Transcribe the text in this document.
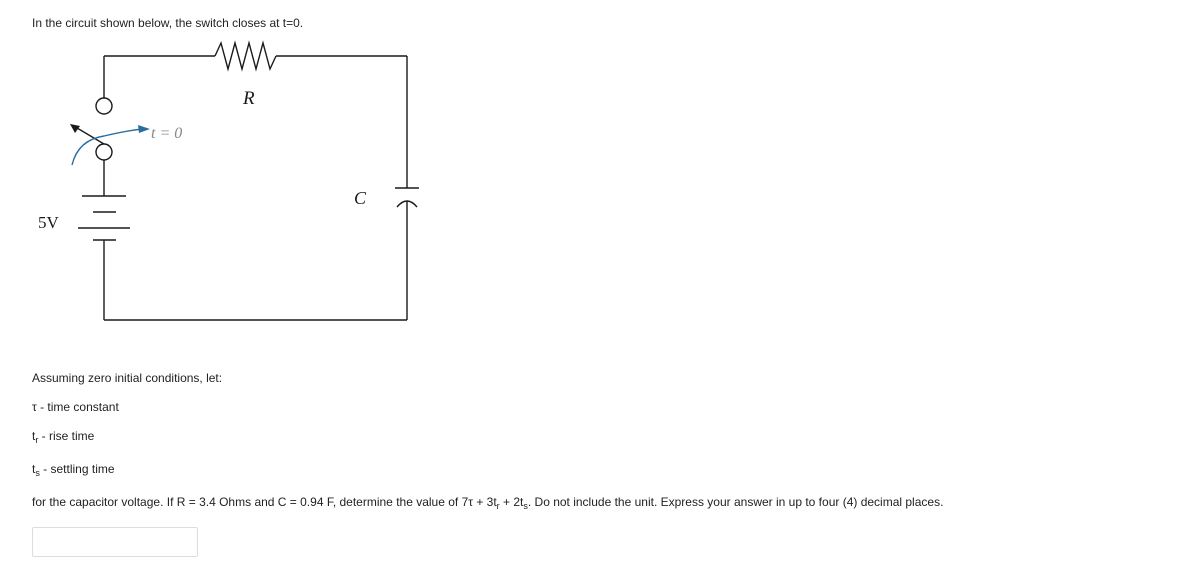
In the circuit shown below, the switch closes at t=0.
R
C
5V
t = 0
Assuming zero initial conditions, let:
τ - time constant
$t_r$ - rise time
$t_s$ - settling time
for the capacitor voltage. If R = 3.4 Ohms and C = 0.94 F, determine the value of $7\tau + 3t_r + 2t_s$. Do not include the unit. Express your answer in up to four (4) decimal places.
